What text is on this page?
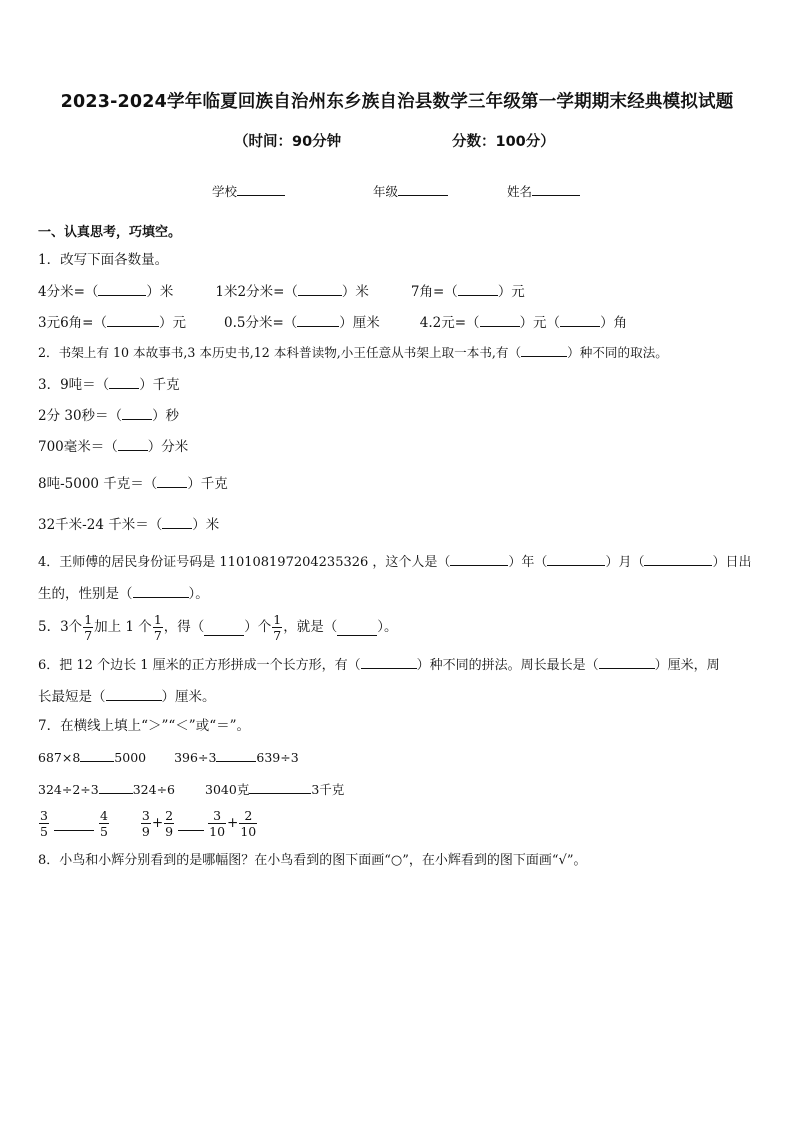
2023-2024学年临夏回族自治州东乡族自治县数学三年级第一学期期末经典模拟试题
（时间：90分钟	分数：100分）
学校	年级	姓名
一、认真思考，巧填空。
1．改写下面各数量。
4分米=（	）米	1米2分米=（	）米	7角=（	）元
3元6角=（	）元	0.5分米=（	）厘米	4.2元=（	）元（	）角
2．书架上有 10 本故事书,3 本历史书,12 本科普读物,小王任意从书架上取一本书,有（	）种不同的取法。
3．9吨＝（ ）千克
2分 30秒＝（ ）秒
700毫米＝（ ）分米
8吨-5000 千克＝（ ）千克
32千米-24 千米＝（ ）米
4．王师傅的居民身份证号码是 110108197204235326 ，这个人是（	）年（	）月（	）日出
生的，性别是（	）。
5．3个 $\frac{1}{7}$ 加上 1 个 $\frac{1}{7}$ ，得（	）个 $\frac{1}{7}$ ，就是（	）。
6．把 12 个边长 1 厘米的正方形拼成一个长方形，有（	）种不同的拼法。周长最长是（	）厘米，周
长最短是（	）厘米。
7．在横线上填上“＞”“＜”或“＝”。
687×8	5000 396÷3	639÷3
324÷2÷3	324÷6 3040克	3千克
$\frac{3}{5}$	$\frac{4}{5}$	$\frac{3}{9} + \frac{2}{9}$	$\frac{3}{10} + \frac{2}{10}$
8．小鸟和小辉分别看到的是哪幅图？在小鸟看到的图下面画“○”，在小辉看到的图下面画“√”。
